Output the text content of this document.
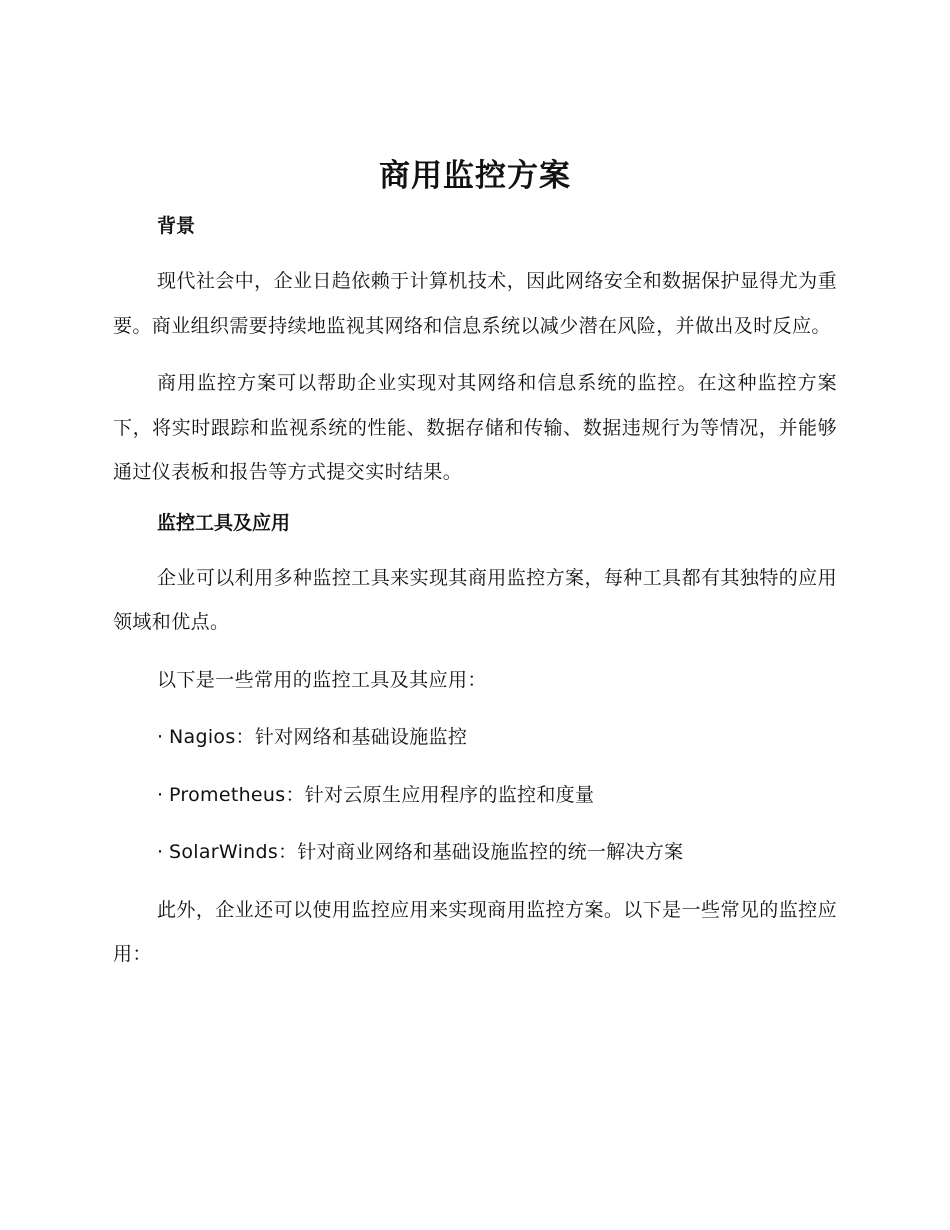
商用监控方案
背景

现代社会中，企业日趋依赖于计算机技术，因此网络安全和数据保护显得尤为重要。商业组织需要持续地监视其网络和信息系统以减少潜在风险，并做出及时反应。

商用监控方案可以帮助企业实现对其网络和信息系统的监控。在这种监控方案下，将实时跟踪和监视系统的性能、数据存储和传输、数据违规行为等情况，并能够通过仪表板和报告等方式提交实时结果。

监控工具及应用

企业可以利用多种监控工具来实现其商用监控方案，每种工具都有其独特的应用领域和优点。

以下是一些常用的监控工具及其应用：

· Nagios：针对网络和基础设施监控
· Prometheus：针对云原生应用程序的监控和度量
· SolarWinds：针对商业网络和基础设施监控的统一解决方案

此外，企业还可以使用监控应用来实现商用监控方案。以下是一些常见的监控应用：
